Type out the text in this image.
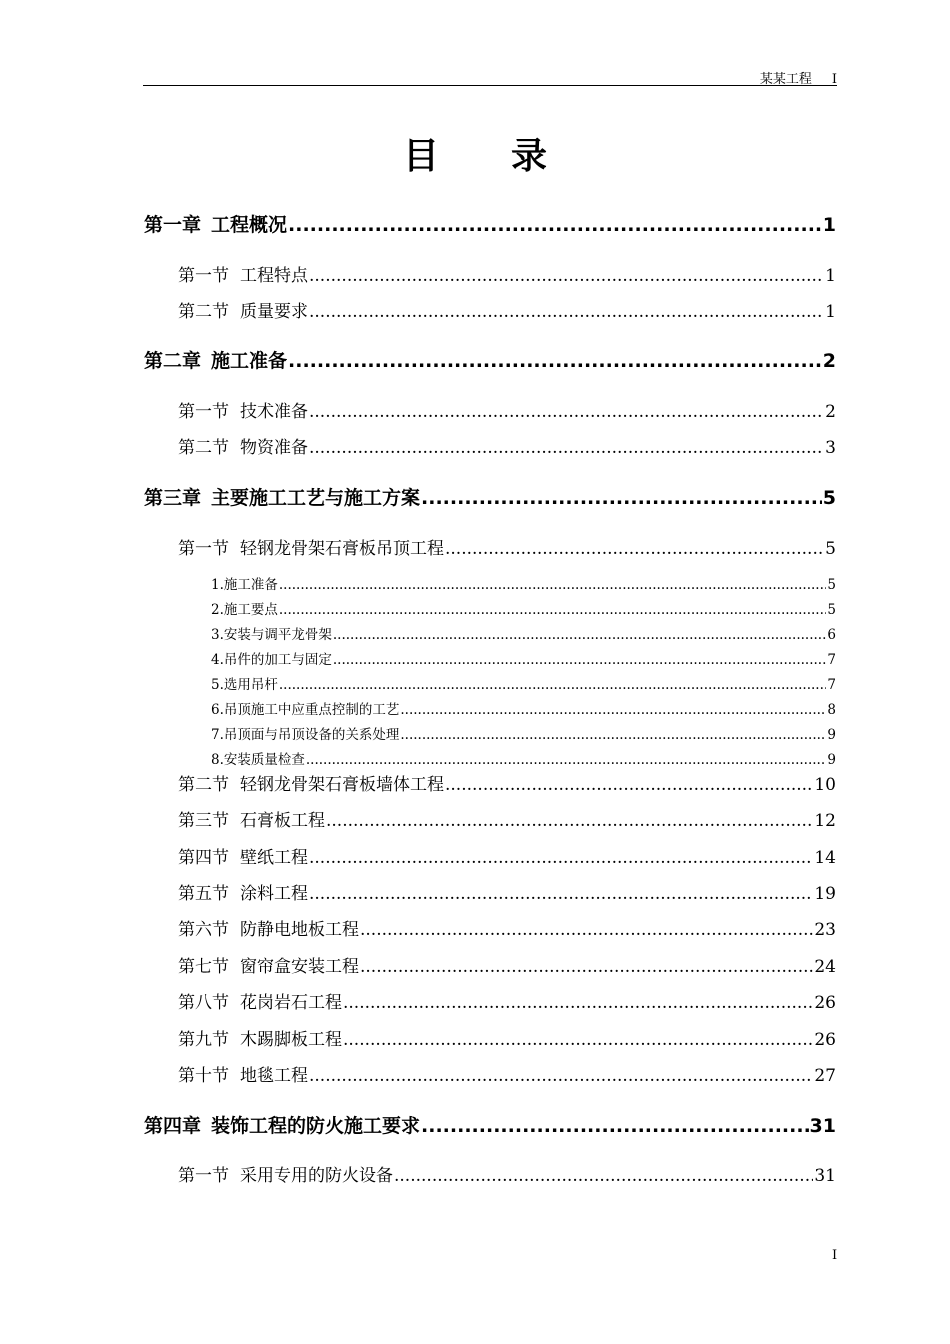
某某工程 I
目录
第一章 工程概况 .....	1
第一节 工程特点 .....	1
第二节 质量要求 .....	1
第二章 施工准备 .....	2
第一节 技术准备 .....	2
第二节 物资准备 .....	3
第三章 主要施工工艺与施工方案 .....	5
第一节 轻钢龙骨架石膏板吊顶工程 .....	5
1. 施工准备 .....	5
2. 施工要点 .....	5
3. 安装与调平龙骨架 .....	6
4. 吊件的加工与固定 .....	7
5. 选用吊杆 .....	7
6. 吊顶施工中应重点控制的工艺 .....	8
7. 吊顶面与吊顶设备的关系处理 .....	9
8. 安装质量检查 .....	9
第二节 轻钢龙骨架石膏板墙体工程 .....	10
第三节 石膏板工程 .....	12
第四节 壁纸工程 .....	14
第五节 涂料工程 .....	19
第六节 防静电地板工程 .....	23
第七节 窗帘盒安装工程 .....	24
第八节 花岗岩石工程 .....	26
第九节 木踢脚板工程 .....	26
第十节 地毯工程 .....	27
第四章 装饰工程的防火施工要求 .....	31
第一节 采用专用的防火设备 .....	31
I
